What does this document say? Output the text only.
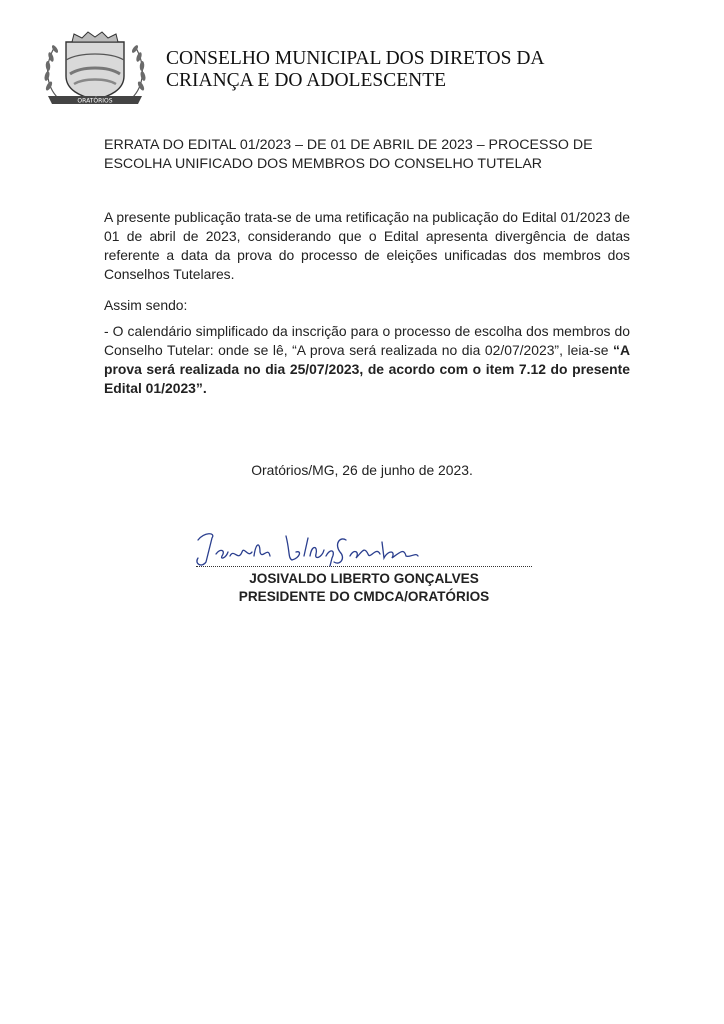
ORATÓRIOS
CONSELHO MUNICIPAL DOS DIRETOS DA
CRIANÇA E DO ADOLESCENTE
ERRATA DO EDITAL 01/2023 – DE 01 DE ABRIL DE 2023 – PROCESSO DE
ESCOLHA UNIFICADO DOS MEMBROS DO CONSELHO TUTELAR
A presente publicação trata-se de uma retificação na publicação do Edital 01/2023 de 01 de abril de 2023, considerando que o Edital apresenta divergência de datas referente a data da prova do processo de eleições unificadas dos membros dos Conselhos Tutelares.
Assim sendo:
- O calendário simplificado da inscrição para o processo de escolha dos membros do Conselho Tutelar: onde se lê, “A prova será realizada no dia 02/07/2023”, leia-se “A prova será realizada no dia 25/07/2023, de acordo com o item 7.12 do presente Edital 01/2023”.
Oratórios/MG, 26 de junho de 2023.
JOSIVALDO LIBERTO GONÇALVES
PRESIDENTE DO CMDCA/ORATÓRIOS
